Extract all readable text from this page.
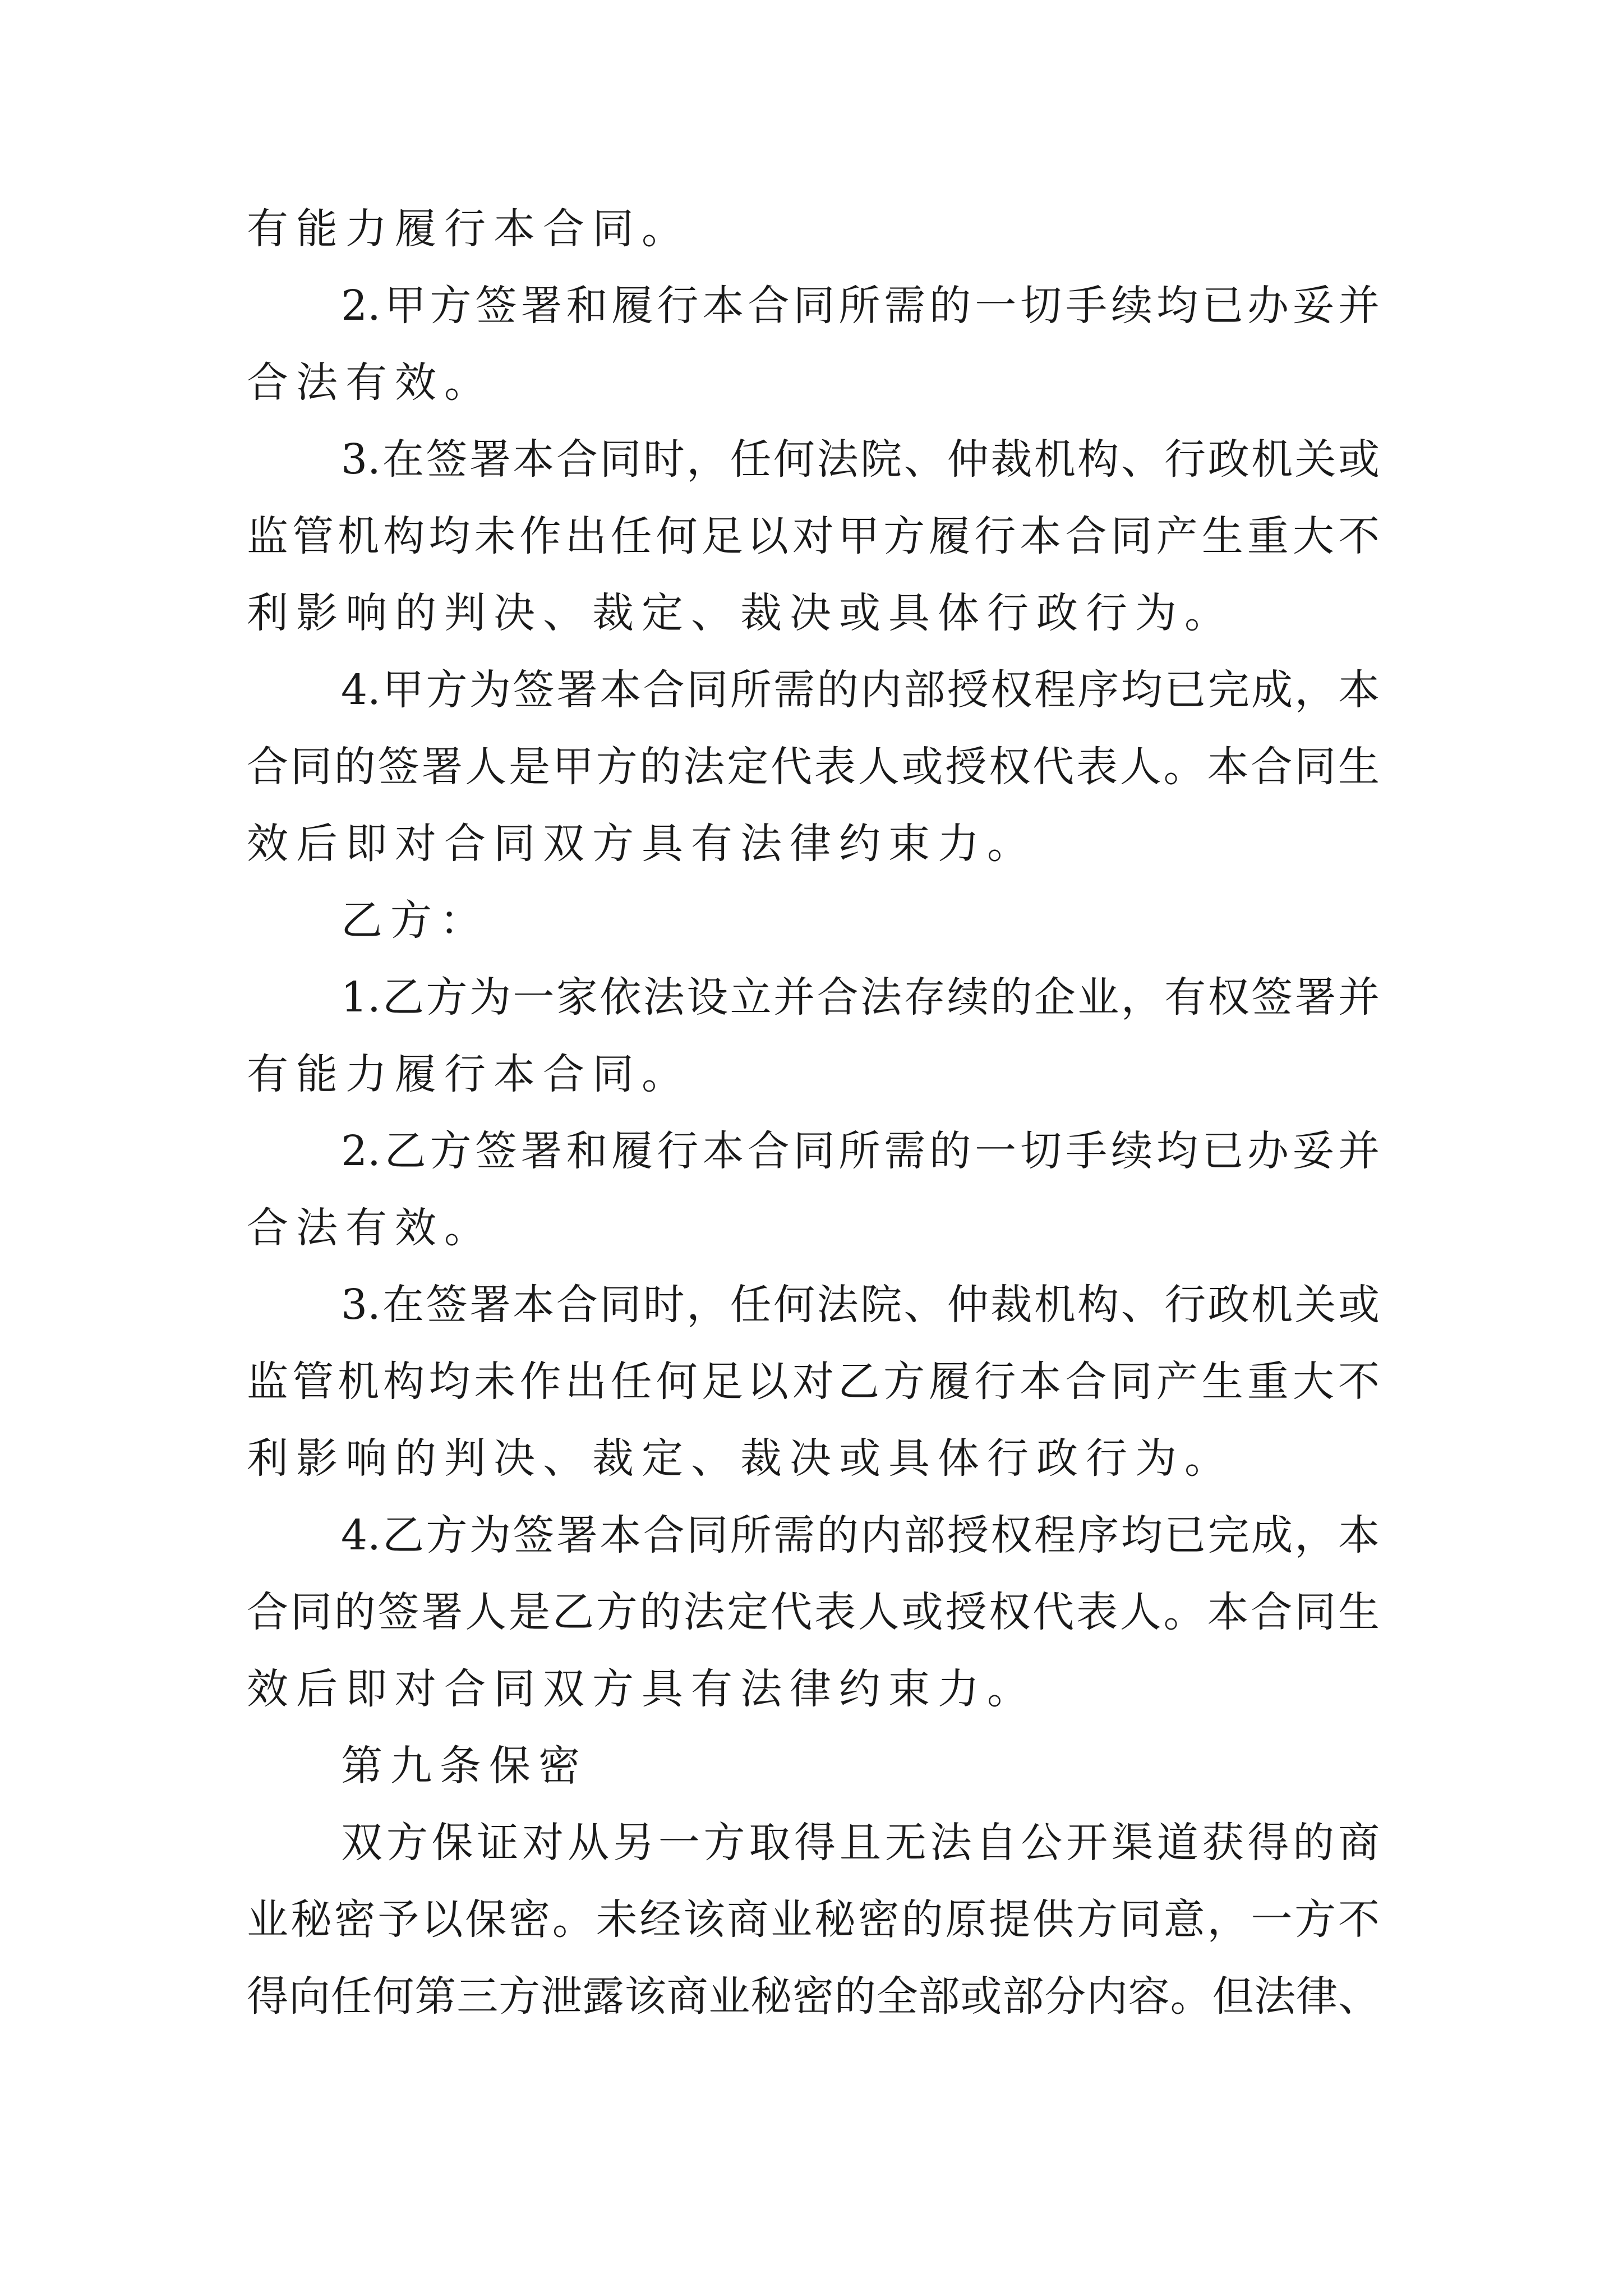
有能力履行本合同。
2.甲方签署和履行本合同所需的一切手续均已办妥并
合法有效。
3.在签署本合同时，任何法院、仲裁机构、行政机关或
监管机构均未作出任何足以对甲方履行本合同产生重大不
利影响的判决、裁定、裁决或具体行政行为。
4.甲方为签署本合同所需的内部授权程序均已完成，本
合同的签署人是甲方的法定代表人或授权代表人。本合同生
效后即对合同双方具有法律约束力。
乙方：
1.乙方为一家依法设立并合法存续的企业，有权签署并
有能力履行本合同。
2.乙方签署和履行本合同所需的一切手续均已办妥并
合法有效。
3.在签署本合同时，任何法院、仲裁机构、行政机关或
监管机构均未作出任何足以对乙方履行本合同产生重大不
利影响的判决、裁定、裁决或具体行政行为。
4.乙方为签署本合同所需的内部授权程序均已完成，本
合同的签署人是乙方的法定代表人或授权代表人。本合同生
效后即对合同双方具有法律约束力。
第九条保密
双方保证对从另一方取得且无法自公开渠道获得的商
业秘密予以保密。未经该商业秘密的原提供方同意，一方不
得向任何第三方泄露该商业秘密的全部或部分内容。但法律、
